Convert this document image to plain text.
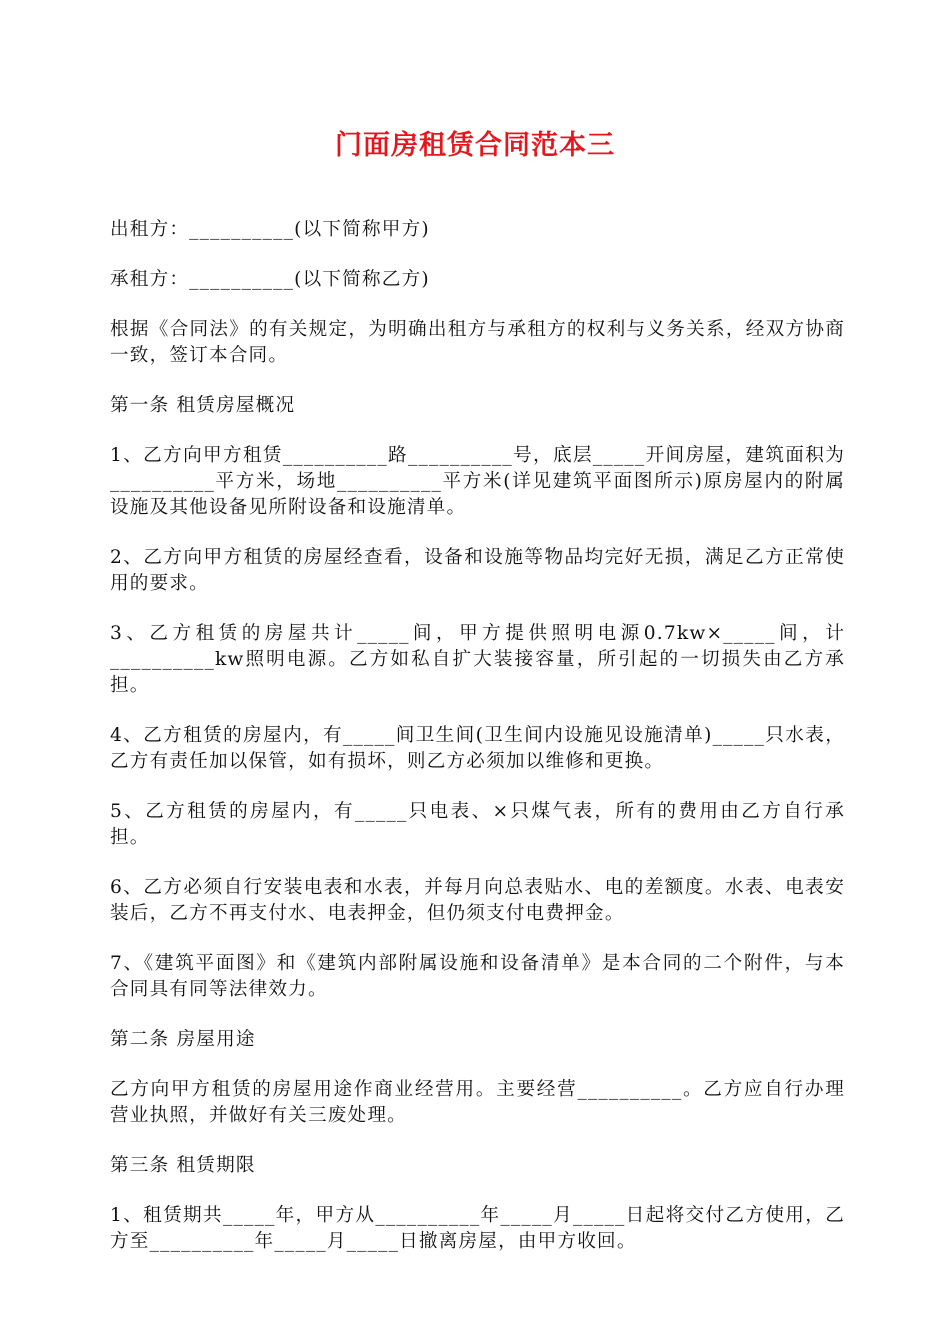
门面房租赁合同范本三

出租方：__________(以下简称甲方)

承租方：__________(以下简称乙方)

根据《合同法》的有关规定，为明确出租方与承租方的权利与义务关系，经双方协商一致，签订本合同。

第一条 租赁房屋概况

1、乙方向甲方租赁__________路__________号，底层_____开间房屋，建筑面积为__________平方米，场地__________平方米(详见建筑平面图所示)原房屋内的附属设施及其他设备见所附设备和设施清单。

2、乙方向甲方租赁的房屋经查看，设备和设施等物品均完好无损，满足乙方正常使用的要求。

3、乙方租赁的房屋共计_____间，甲方提供照明电源0.7kw×_____间，计__________kw照明电源。乙方如私自扩大装接容量，所引起的一切损失由乙方承担。

4、乙方租赁的房屋内，有_____间卫生间(卫生间内设施见设施清单)_____只水表，乙方有责任加以保管，如有损坏，则乙方必须加以维修和更换。

5、乙方租赁的房屋内，有_____只电表、×只煤气表，所有的费用由乙方自行承担。

6、乙方必须自行安装电表和水表，并每月向总表贴水、电的差额度。水表、电表安装后，乙方不再支付水、电表押金，但仍须支付电费押金。

7、《建筑平面图》和《建筑内部附属设施和设备清单》是本合同的二个附件，与本合同具有同等法律效力。

第二条 房屋用途

乙方向甲方租赁的房屋用途作商业经营用。主要经营__________。乙方应自行办理营业执照，并做好有关三废处理。

第三条 租赁期限

1、租赁期共_____年，甲方从__________年_____月_____日起将交付乙方使用，乙方至__________年_____月_____日撤离房屋，由甲方收回。
